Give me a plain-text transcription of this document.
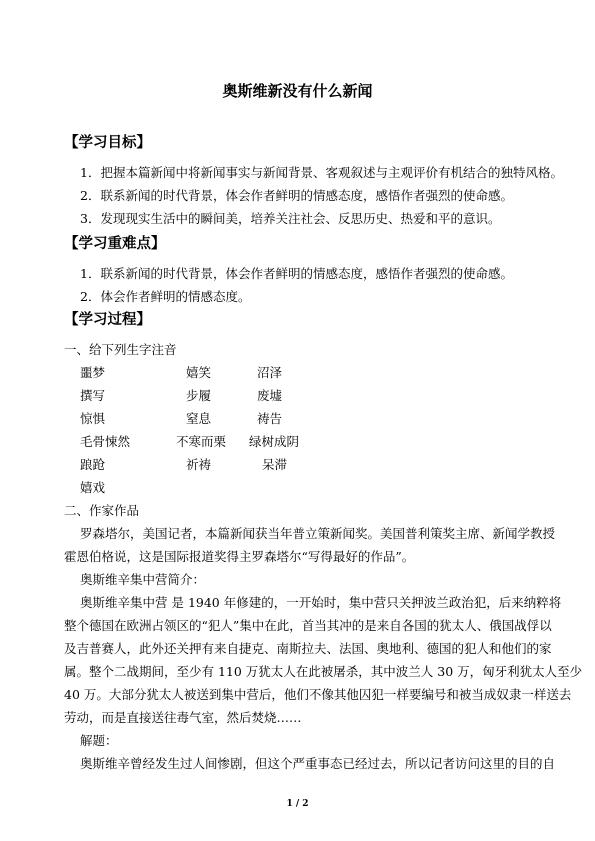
奥斯维新没有什么新闻
【学习目标】
1．把握本篇新闻中将新闻事实与新闻背景、客观叙述与主观评价有机结合的独特风格。
2．联系新闻的时代背景，体会作者鲜明的情感态度，感悟作者强烈的使命感。
3．发现现实生活中的瞬间美，培养关注社会、反思历史、热爱和平的意识。
【学习重难点】
1．联系新闻的时代背景，体会作者鲜明的情感态度，感悟作者强烈的使命感。
2．体会作者鲜明的情感态度。
【学习过程】
一、给下列生字注音
噩梦	嬉笑	沼泽
撰写	步履	废墟
惊惧	窒息	祷告
毛骨悚然	不寒而栗 绿树成阴
踉跄	祈祷	呆滞
嬉戏
二、作家作品
罗森塔尔，美国记者，本篇新闻获当年普立策新闻奖。美国普利策奖主席、新闻学教授
霍恩伯格说，这是国际报道奖得主罗森塔尔“写得最好的作品”。
奥斯维辛集中营简介：
奥斯维辛集中营 是 1940 年修建的，一开始时，集中营只关押波兰政治犯，后来纳粹将
整个德国在欧洲占领区的“犯人”集中在此，首当其冲的是来自各国的犹太人、俄国战俘以
及吉普赛人，此外还关押有来自捷克、南斯拉夫、法国、奥地利、德国的犯人和他们的家
属。整个二战期间，至少有 110 万犹太人在此被屠杀，其中波兰人 30 万，匈牙利犹太人至少
40 万。大部分犹太人被送到集中营后，他们不像其他囚犯一样要编号和被当成奴隶一样送去
劳动，而是直接送往毒气室，然后焚烧……
解题：
奥斯维辛曾经发生过人间惨剧，但这个严重事态已经过去，所以记者访问这里的目的自
1 / 2
